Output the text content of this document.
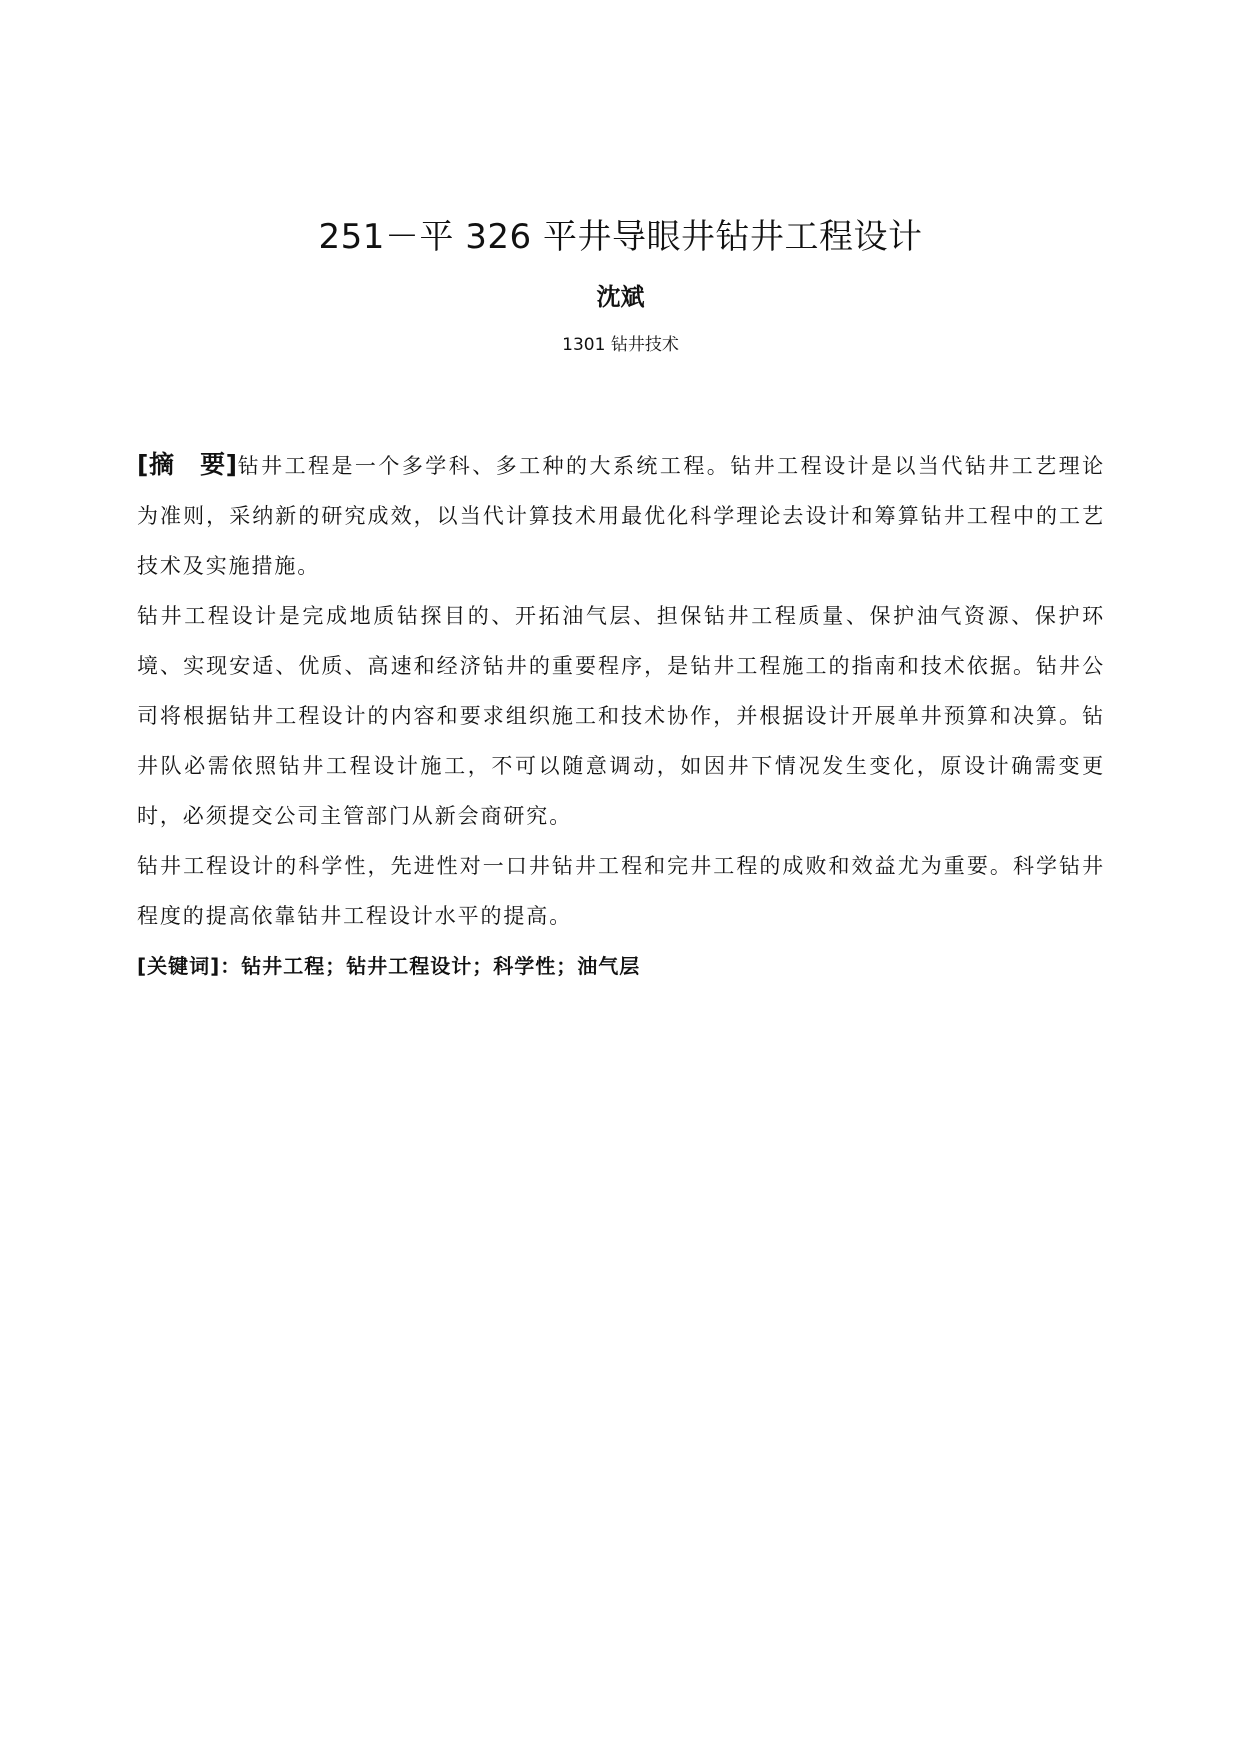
251－平 326 平井导眼井钻井工程设计
沈斌
1301 钻井技术

[摘　要]钻井工程是一个多学科、多工种的大系统工程。钻井工程设计是以当代钻井工艺理论为准则，采纳新的研究成效，以当代计算技术用最优化科学理论去设计和筹算钻井工程中的工艺技术及实施措施。

钻井工程设计是完成地质钻探目的、开拓油气层、担保钻井工程质量、保护油气资源、保护环境、实现安适、优质、高速和经济钻井的重要程序，是钻井工程施工的指南和技术依据。钻井公司将根据钻井工程设计的内容和要求组织施工和技术协作，并根据设计开展单井预算和决算。钻井队必需依照钻井工程设计施工，不可以随意调动，如因井下情况发生变化，原设计确需变更时，必须提交公司主管部门从新会商研究。

钻井工程设计的科学性，先进性对一口井钻井工程和完井工程的成败和效益尤为重要。科学钻井程度的提高依靠钻井工程设计水平的提高。

[关键词]：钻井工程；钻井工程设计；科学性；油气层
